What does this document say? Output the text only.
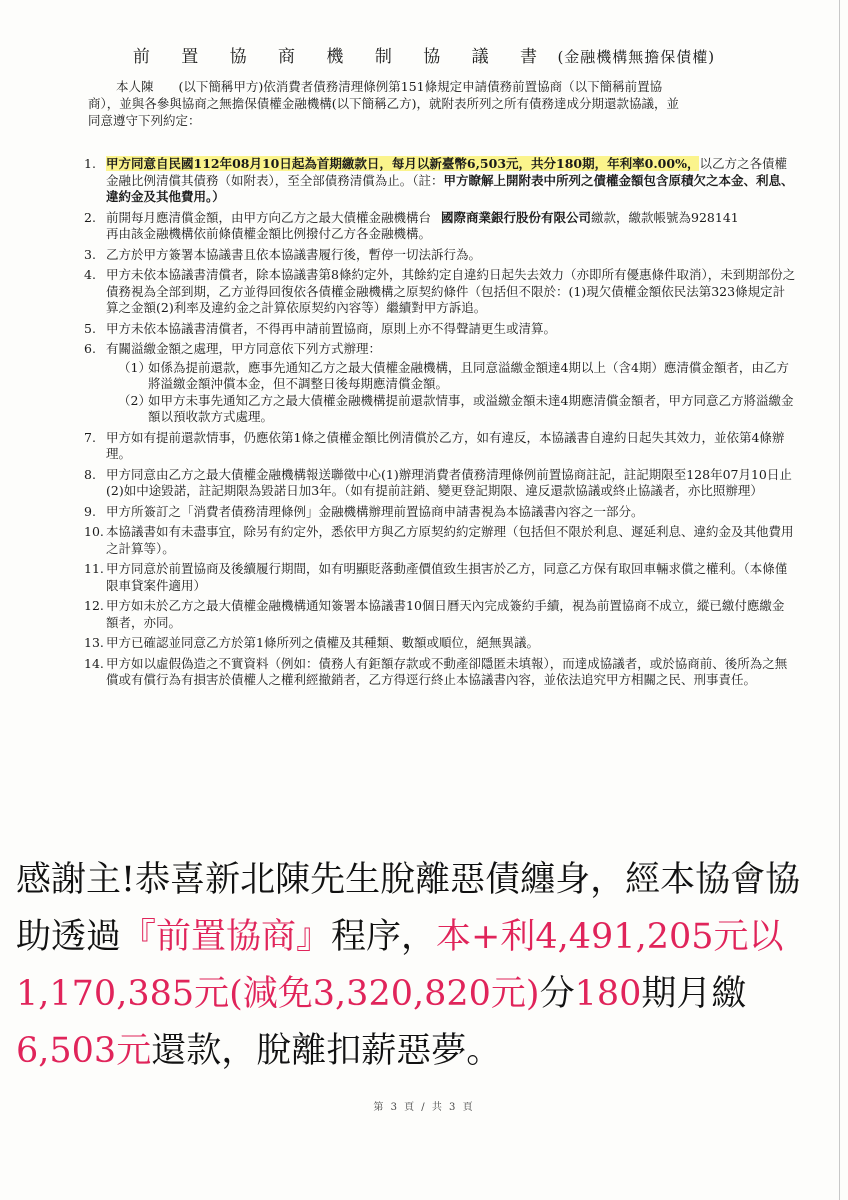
前 置 協 商 機 制 協 議 書 (金融機構無擔保債權)
本人陳　　(以下簡稱甲方)依消費者債務清理條例第151條規定申請債務前置協商（以下簡稱前置協
商），並與各參與協商之無擔保債權金融機構(以下簡稱乙方)，就附表所列之所有債務達成分期還款協議，並
同意遵守下列約定：
1. 甲方同意自民國112年08月10日起為首期繳款日，每月以新臺幣6,503元，共分180期，年利率0.00%，以乙方之各債權金融比例清償其債務（如附表），至全部債務清償為止。（註：甲方瞭解上開附表中所列之債權金額包含原積欠之本金、利息、違約金及其他費用。）
2. 前開每月應清償金額，由甲方向乙方之最大債權金融機構台 國際商業銀行股份有限公司繳款，繳款帳號為928141　　　　再由該金融機構依前條債權金額比例撥付乙方各金融機構。
3. 乙方於甲方簽署本協議書且依本協議書履行後，暫停一切法訴行為。
4. 甲方未依本協議書清償者，除本協議書第8條約定外，其餘約定自違約日起失去效力（亦即所有優惠條件取消），未到期部份之債務視為全部到期，乙方並得回復依各債權金融機構之原契約條件（包括但不限於：(1)現欠債權金額依民法第323條規定計算之金額(2)利率及違約金之計算依原契約內容等）繼續對甲方訴追。
5. 甲方未依本協議書清償者，不得再申請前置協商，原則上亦不得聲請更生或清算。
6. 有關溢繳金額之處理，甲方同意依下列方式辦理：
（1）
如係為提前還款，應事先通知乙方之最大債權金融機構，且同意溢繳金額達4期以上（含4期）應清償金額者，由乙方將溢繳金額沖償本金，但不調整日後每期應清償金額。
（2）
如甲方未事先通知乙方之最大債權金融機構提前還款情事，或溢繳金額未達4期應清償金額者，甲方同意乙方將溢繳金額以預收款方式處理。
7. 甲方如有提前還款情事，仍應依第1條之債權金額比例清償於乙方，如有違反，本協議書自違約日起失其效力，並依第4條辦理。
8. 甲方同意由乙方之最大債權金融機構報送聯徵中心(1)辦理消費者債務清理條例前置協商註記，註記期限至128年07月10日止(2)如中途毀諾，註記期限為毀諾日加3年。（如有提前註銷、變更登記期限、違反還款協議或終止協議者，亦比照辦理）
9. 甲方所簽訂之「消費者債務清理條例」金融機構辦理前置協商申請書視為本協議書內容之一部分。
10. 本協議書如有未盡事宜，除另有約定外，悉依甲方與乙方原契約約定辦理（包括但不限於利息、遲延利息、違約金及其他費用之計算等）。
11. 甲方同意於前置協商及後續履行期間，如有明顯貶落動產價值致生損害於乙方，同意乙方保有取回車輛求償之權利。（本條僅限車貸案件適用）
12. 甲方如未於乙方之最大債權金融機構通知簽署本協議書10個日曆天內完成簽約手續，視為前置協商不成立，縱已繳付應繳金額者，亦同。
13. 甲方已確認並同意乙方於第1條所列之債權及其種類、數額或順位，絕無異議。
14. 甲方如以虛假偽造之不實資料（例如：債務人有鉅額存款或不動產卻隱匿未填報），而達成協議者，或於協商前、後所為之無償或有償行為有損害於債權人之權利經撤銷者，乙方得逕行終止本協議書內容，並依法追究甲方相關之民、刑事責任。
感謝主!恭喜新北陳先生脫離惡債纏身，經本協會協助透過『前置協商』程序，本+利4,491,205元以1,170,385元(減免3,320,820元)分180期月繳6,503元還款，脫離扣薪惡夢。
第 3 頁 / 共 3 頁
